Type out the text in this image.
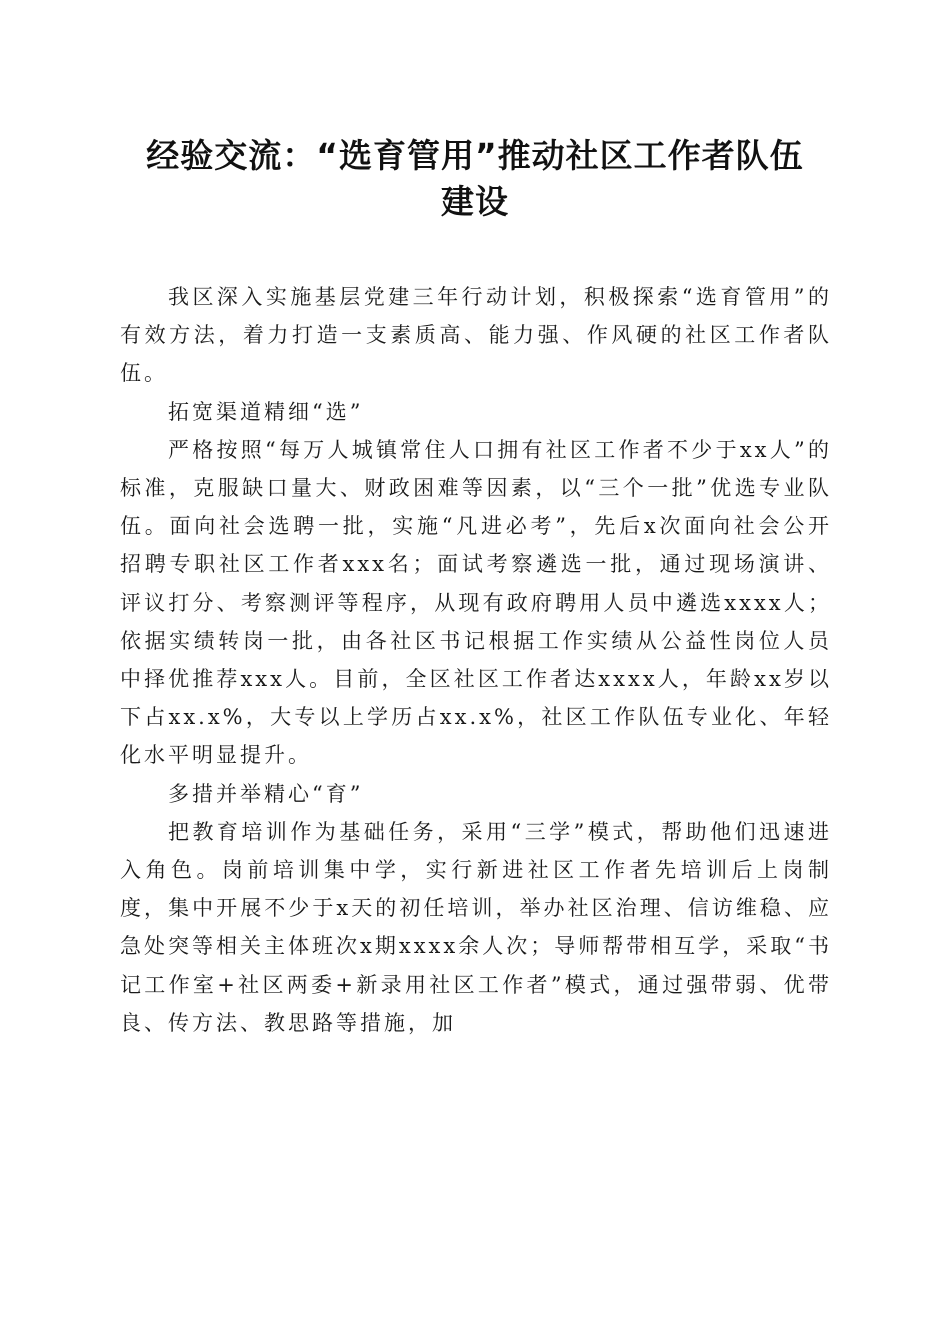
经验交流：“选育管用”推动社区工作者队伍
建设

我区深入实施基层党建三年行动计划，积极探索“选育管用”的有效方法，着力打造一支素质高、能力强、作风硬的社区工作者队伍。

拓宽渠道精细“选”

严格按照“每万人城镇常住人口拥有社区工作者不少于xx人”的标准，克服缺口量大、财政困难等因素，以“三个一批”优选专业队伍。面向社会选聘一批，实施“凡进必考”，先后x次面向社会公开招聘专职社区工作者xxx名；面试考察遴选一批，通过现场演讲、评议打分、考察测评等程序，从现有政府聘用人员中遴选xxxx人；依据实绩转岗一批，由各社区书记根据工作实绩从公益性岗位人员中择优推荐xxx人。目前，全区社区工作者达xxxx人，年龄xx岁以下占xx.x%，大专以上学历占xx.x%，社区工作队伍专业化、年轻化水平明显提升。

多措并举精心“育”

把教育培训作为基础任务，采用“三学”模式，帮助他们迅速进入角色。岗前培训集中学，实行新进社区工作者先培训后上岗制度，集中开展不少于x天的初任培训，举办社区治理、信访维稳、应急处突等相关主体班次x期xxxx余人次；导师帮带相互学，采取“书记工作室+社区两委+新录用社区工作者”模式，通过强带弱、优带良、传方法、教思路等措施，加
